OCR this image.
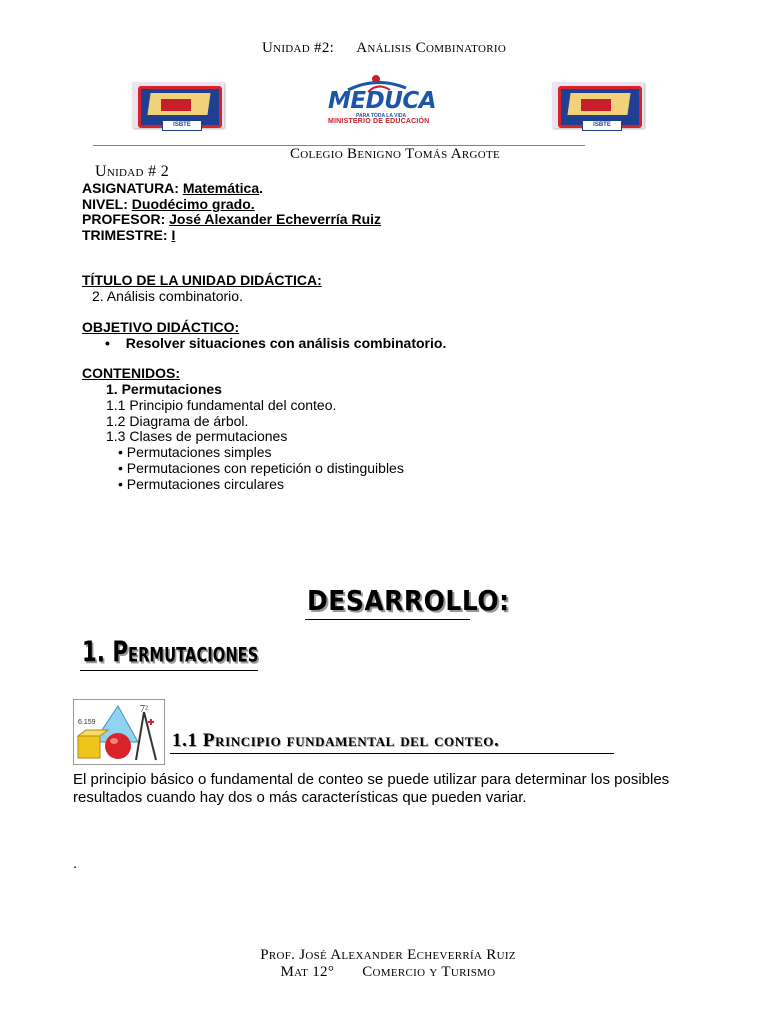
Unidad #2: Análisis Combinatorio
ISBTE
MEDUCA
PARA TODA LA VIDA
MINISTERIO DE EDUCACIÓN	ISBTE
Colegio Benigno Tomás Argote
Unidad # 2
ASIGNATURA: Matemática.
NIVEL: Duodécimo grado.
PROFESOR: José Alexander Echeverría Ruiz
TRIMESTRE: I
TÍTULO DE LA UNIDAD DIDÁCTICA:
2. Análisis combinatorio.
OBJETIVO DIDÁCTICO:
• Resolver situaciones con análisis combinatorio.
CONTENIDOS:
1. Permutaciones
1.1 Principio fundamental del conteo.
1.2 Diagrama de árbol.
1.3 Clases de permutaciones
• Permutaciones simples
• Permutaciones con repetición o distinguibles
• Permutaciones circulares
DESARROLLO:
1. Permutaciones
6.159
7²
1.1 Principio fundamental del conteo.
El principio básico o fundamental de conteo se puede utilizar para determinar los posibles resultados cuando hay dos o más características que pueden variar.
.
Prof. José Alexander Echeverría Ruiz
Mat 12° Comercio y Turismo
